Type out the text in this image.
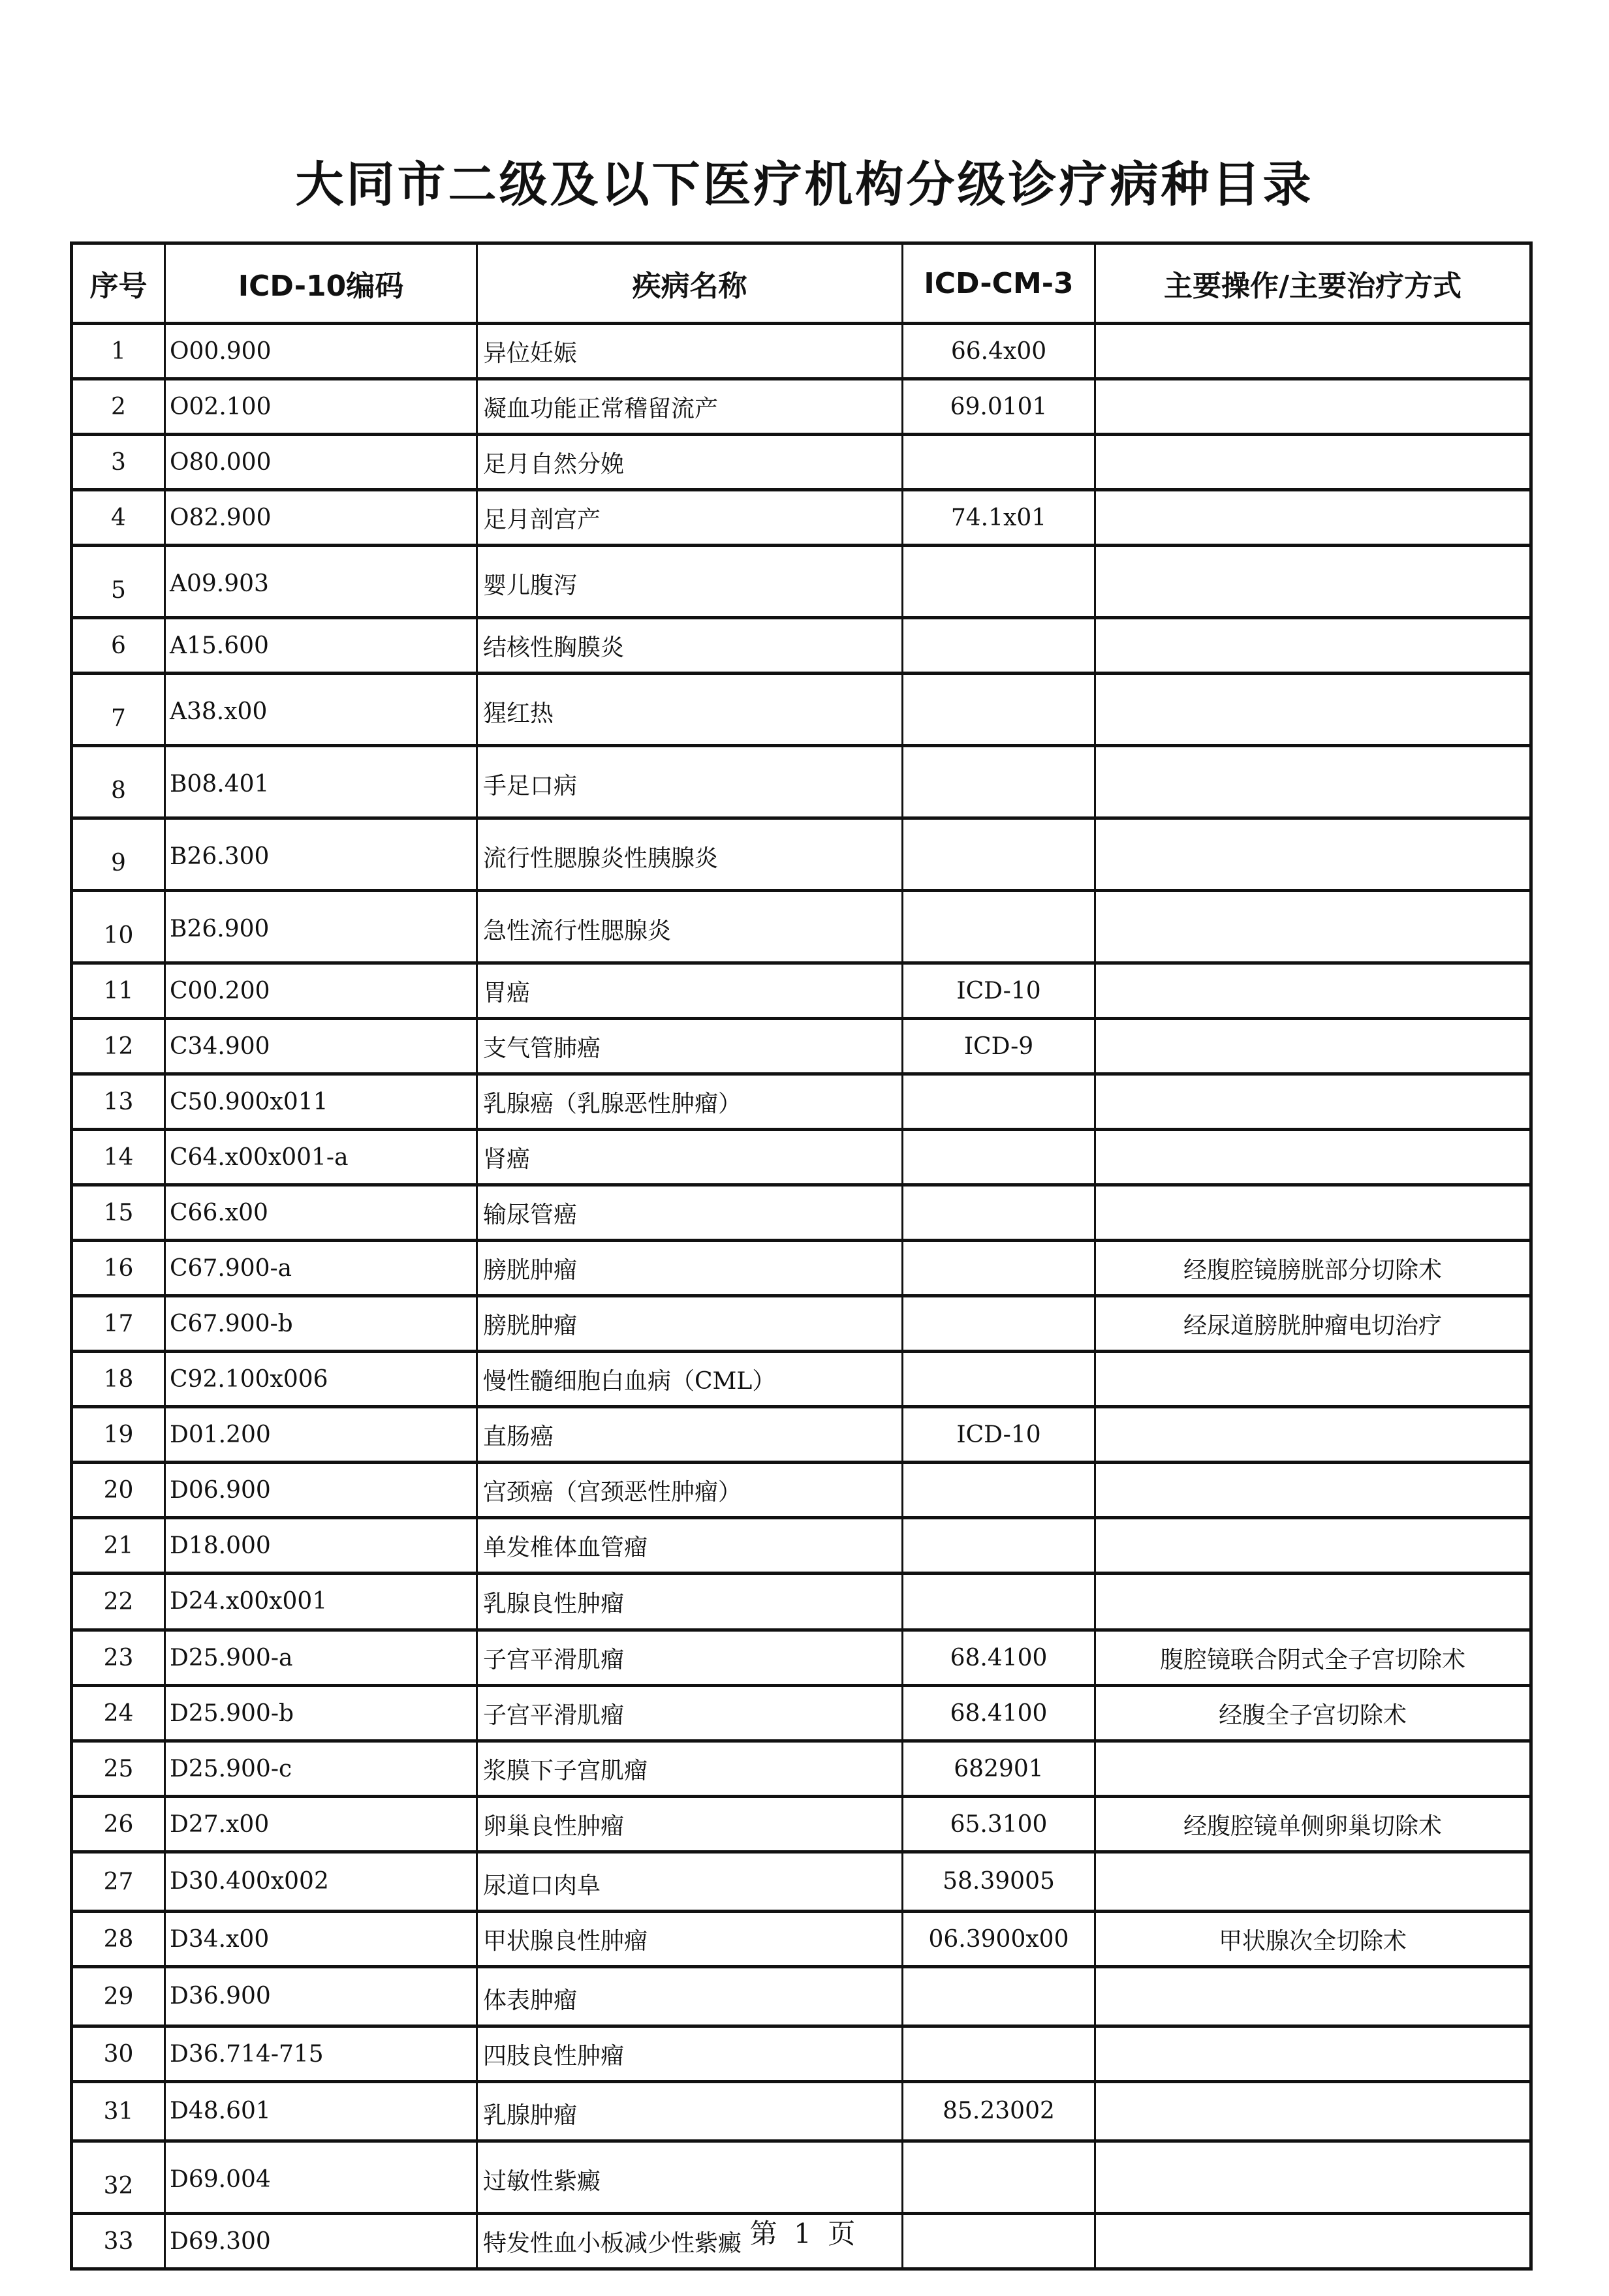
大同市二级及以下医疗机构分级诊疗病种目录
序号	ICD-10编码	疾病名称	ICD-CM-3	主要操作/主要治疗方式
1	O00.900	异位妊娠	66.4x00	
2	O02.100	凝血功能正常稽留流产	69.0101	
3	O80.000	足月自然分娩		
4	O82.900	足月剖宫产	74.1x01	
5	A09.903	婴儿腹泻		
6	A15.600	结核性胸膜炎		
7	A38.x00	猩红热		
8	B08.401	手足口病		
9	B26.300	流行性腮腺炎性胰腺炎		
10	B26.900	急性流行性腮腺炎		
11	C00.200	胃癌	ICD-10	
12	C34.900	支气管肺癌	ICD-9	
13	C50.900x011	乳腺癌（乳腺恶性肿瘤）		
14	C64.x00x001-a	肾癌		
15	C66.x00	输尿管癌		
16	C67.900-a	膀胱肿瘤		经腹腔镜膀胱部分切除术
17	C67.900-b	膀胱肿瘤		经尿道膀胱肿瘤电切治疗
18	C92.100x006	慢性髓细胞白血病（CML）		
19	D01.200	直肠癌	ICD-10	
20	D06.900	宫颈癌（宫颈恶性肿瘤）		
21	D18.000	单发椎体血管瘤		
22	D24.x00x001	乳腺良性肿瘤		
23	D25.900-a	子宫平滑肌瘤	68.4100	腹腔镜联合阴式全子宫切除术
24	D25.900-b	子宫平滑肌瘤	68.4100	经腹全子宫切除术
25	D25.900-c	浆膜下子宫肌瘤	682901	
26	D27.x00	卵巢良性肿瘤	65.3100	经腹腔镜单侧卵巢切除术
27	D30.400x002	尿道口肉阜	58.39005	
28	D34.x00	甲状腺良性肿瘤	06.3900x00	甲状腺次全切除术
29	D36.900	体表肿瘤		
30	D36.714-715	四肢良性肿瘤		
31	D48.601	乳腺肿瘤	85.23002	
32	D69.004	过敏性紫癜		
33	D69.300	特发性血小板减少性紫癜		第 1 页
